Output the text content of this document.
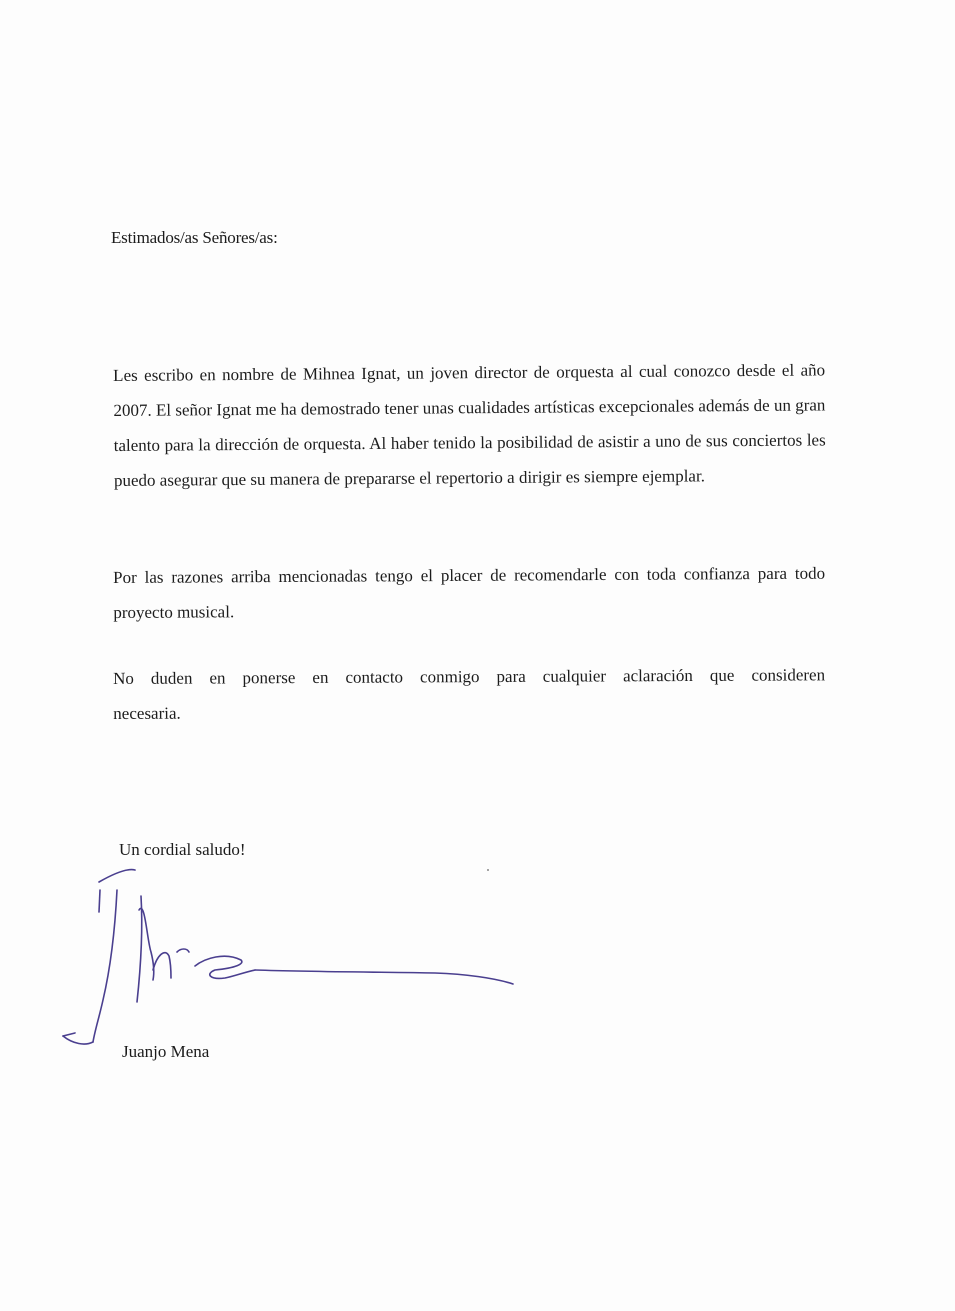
Estimados/as Señores/as:

Les escribo en nombre de Mihnea Ignat, un joven director de orquesta al cual conozco desde el año 2007. El señor Ignat me ha demostrado tener unas cualidades artísticas excepcionales además de un gran talento para la dirección de orquesta. Al haber tenido la posibilidad de asistir a uno de sus conciertos les puedo asegurar que su manera de prepararse el repertorio a dirigir es siempre ejemplar.

Por las razones arriba mencionadas tengo el placer de recomendarle con toda confianza para todo proyecto musical.

No duden en ponerse en contacto conmigo para cualquier aclaración que consideren necesaria.

Un cordial saludo!
Juanjo Mena
